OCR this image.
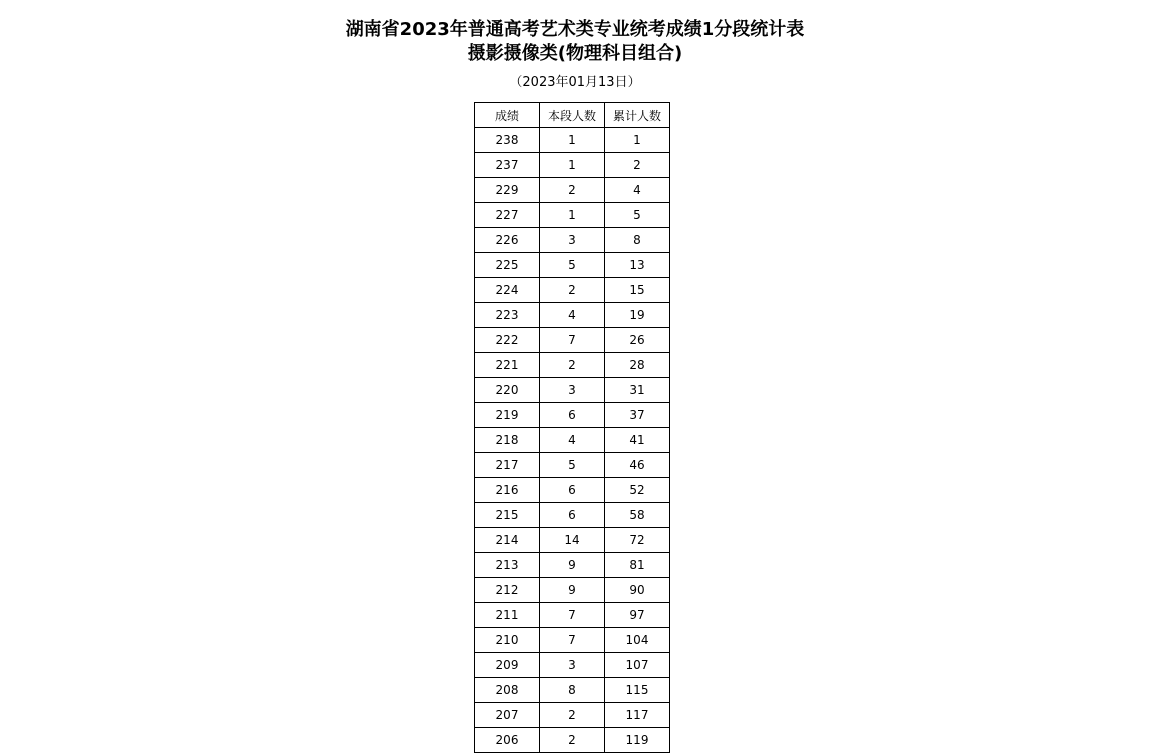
湖南省2023年普通高考艺术类专业统考成绩1分段统计表
摄影摄像类(物理科目组合)
（2023年01月13日）
成绩	本段人数	累计人数
238	1	1
237	1	2
229	2	4
227	1	5
226	3	8
225	5	13
224	2	15
223	4	19
222	7	26
221	2	28
220	3	31
219	6	37
218	4	41
217	5	46
216	6	52
215	6	58
214	14	72
213	9	81
212	9	90
211	7	97
210	7	104
209	3	107
208	8	115
207	2	117
206	2	119
